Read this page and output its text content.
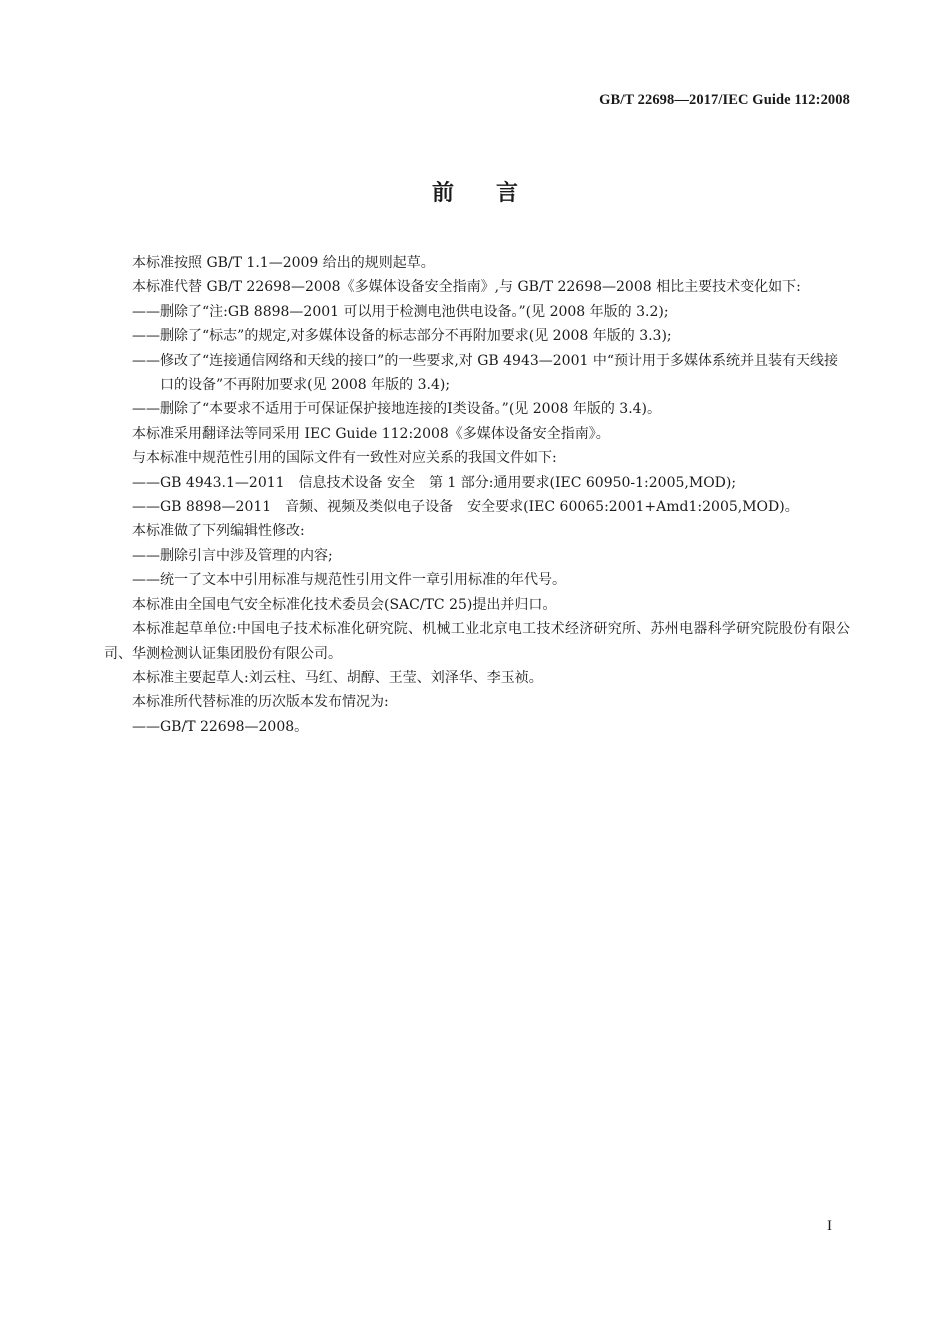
GB/T 22698—2017/IEC Guide 112:2008
前言

本标准按照 GB/T 1.1—2009 给出的规则起草。

本标准代替 GB/T 22698—2008《多媒体设备安全指南》,与 GB/T 22698—2008 相比主要技术变化如下:

——删除了“注:GB 8898—2001 可以用于检测电池供电设备。”(见 2008 年版的 3.2);

——删除了“标志”的规定,对多媒体设备的标志部分不再附加要求(见 2008 年版的 3.3);

——修改了“连接通信网络和天线的接口”的一些要求,对 GB 4943—2001 中“预计用于多媒体系统并且装有天线接口的设备”不再附加要求(见 2008 年版的 3.4);

——删除了“本要求不适用于可保证保护接地连接的Ⅰ类设备。”(见 2008 年版的 3.4)。

本标准采用翻译法等同采用 IEC Guide 112:2008《多媒体设备安全指南》。

与本标准中规范性引用的国际文件有一致性对应关系的我国文件如下:

——GB 4943.1—2011　信息技术设备 安全　第 1 部分:通用要求(IEC 60950-1:2005,MOD);

——GB 8898—2011　音频、视频及类似电子设备　安全要求(IEC 60065:2001+Amd1:2005,MOD)。

本标准做了下列编辑性修改:

——删除引言中涉及管理的内容;

——统一了文本中引用标准与规范性引用文件一章引用标准的年代号。

本标准由全国电气安全标准化技术委员会(SAC/TC 25)提出并归口。

本标准起草单位:中国电子技术标准化研究院、机械工业北京电工技术经济研究所、苏州电器科学研究院股份有限公司、华测检测认证集团股份有限公司。

本标准主要起草人:刘云柱、马红、胡醇、王莹、刘泽华、李玉祯。

本标准所代替标准的历次版本发布情况为:

——GB/T 22698—2008。

I
